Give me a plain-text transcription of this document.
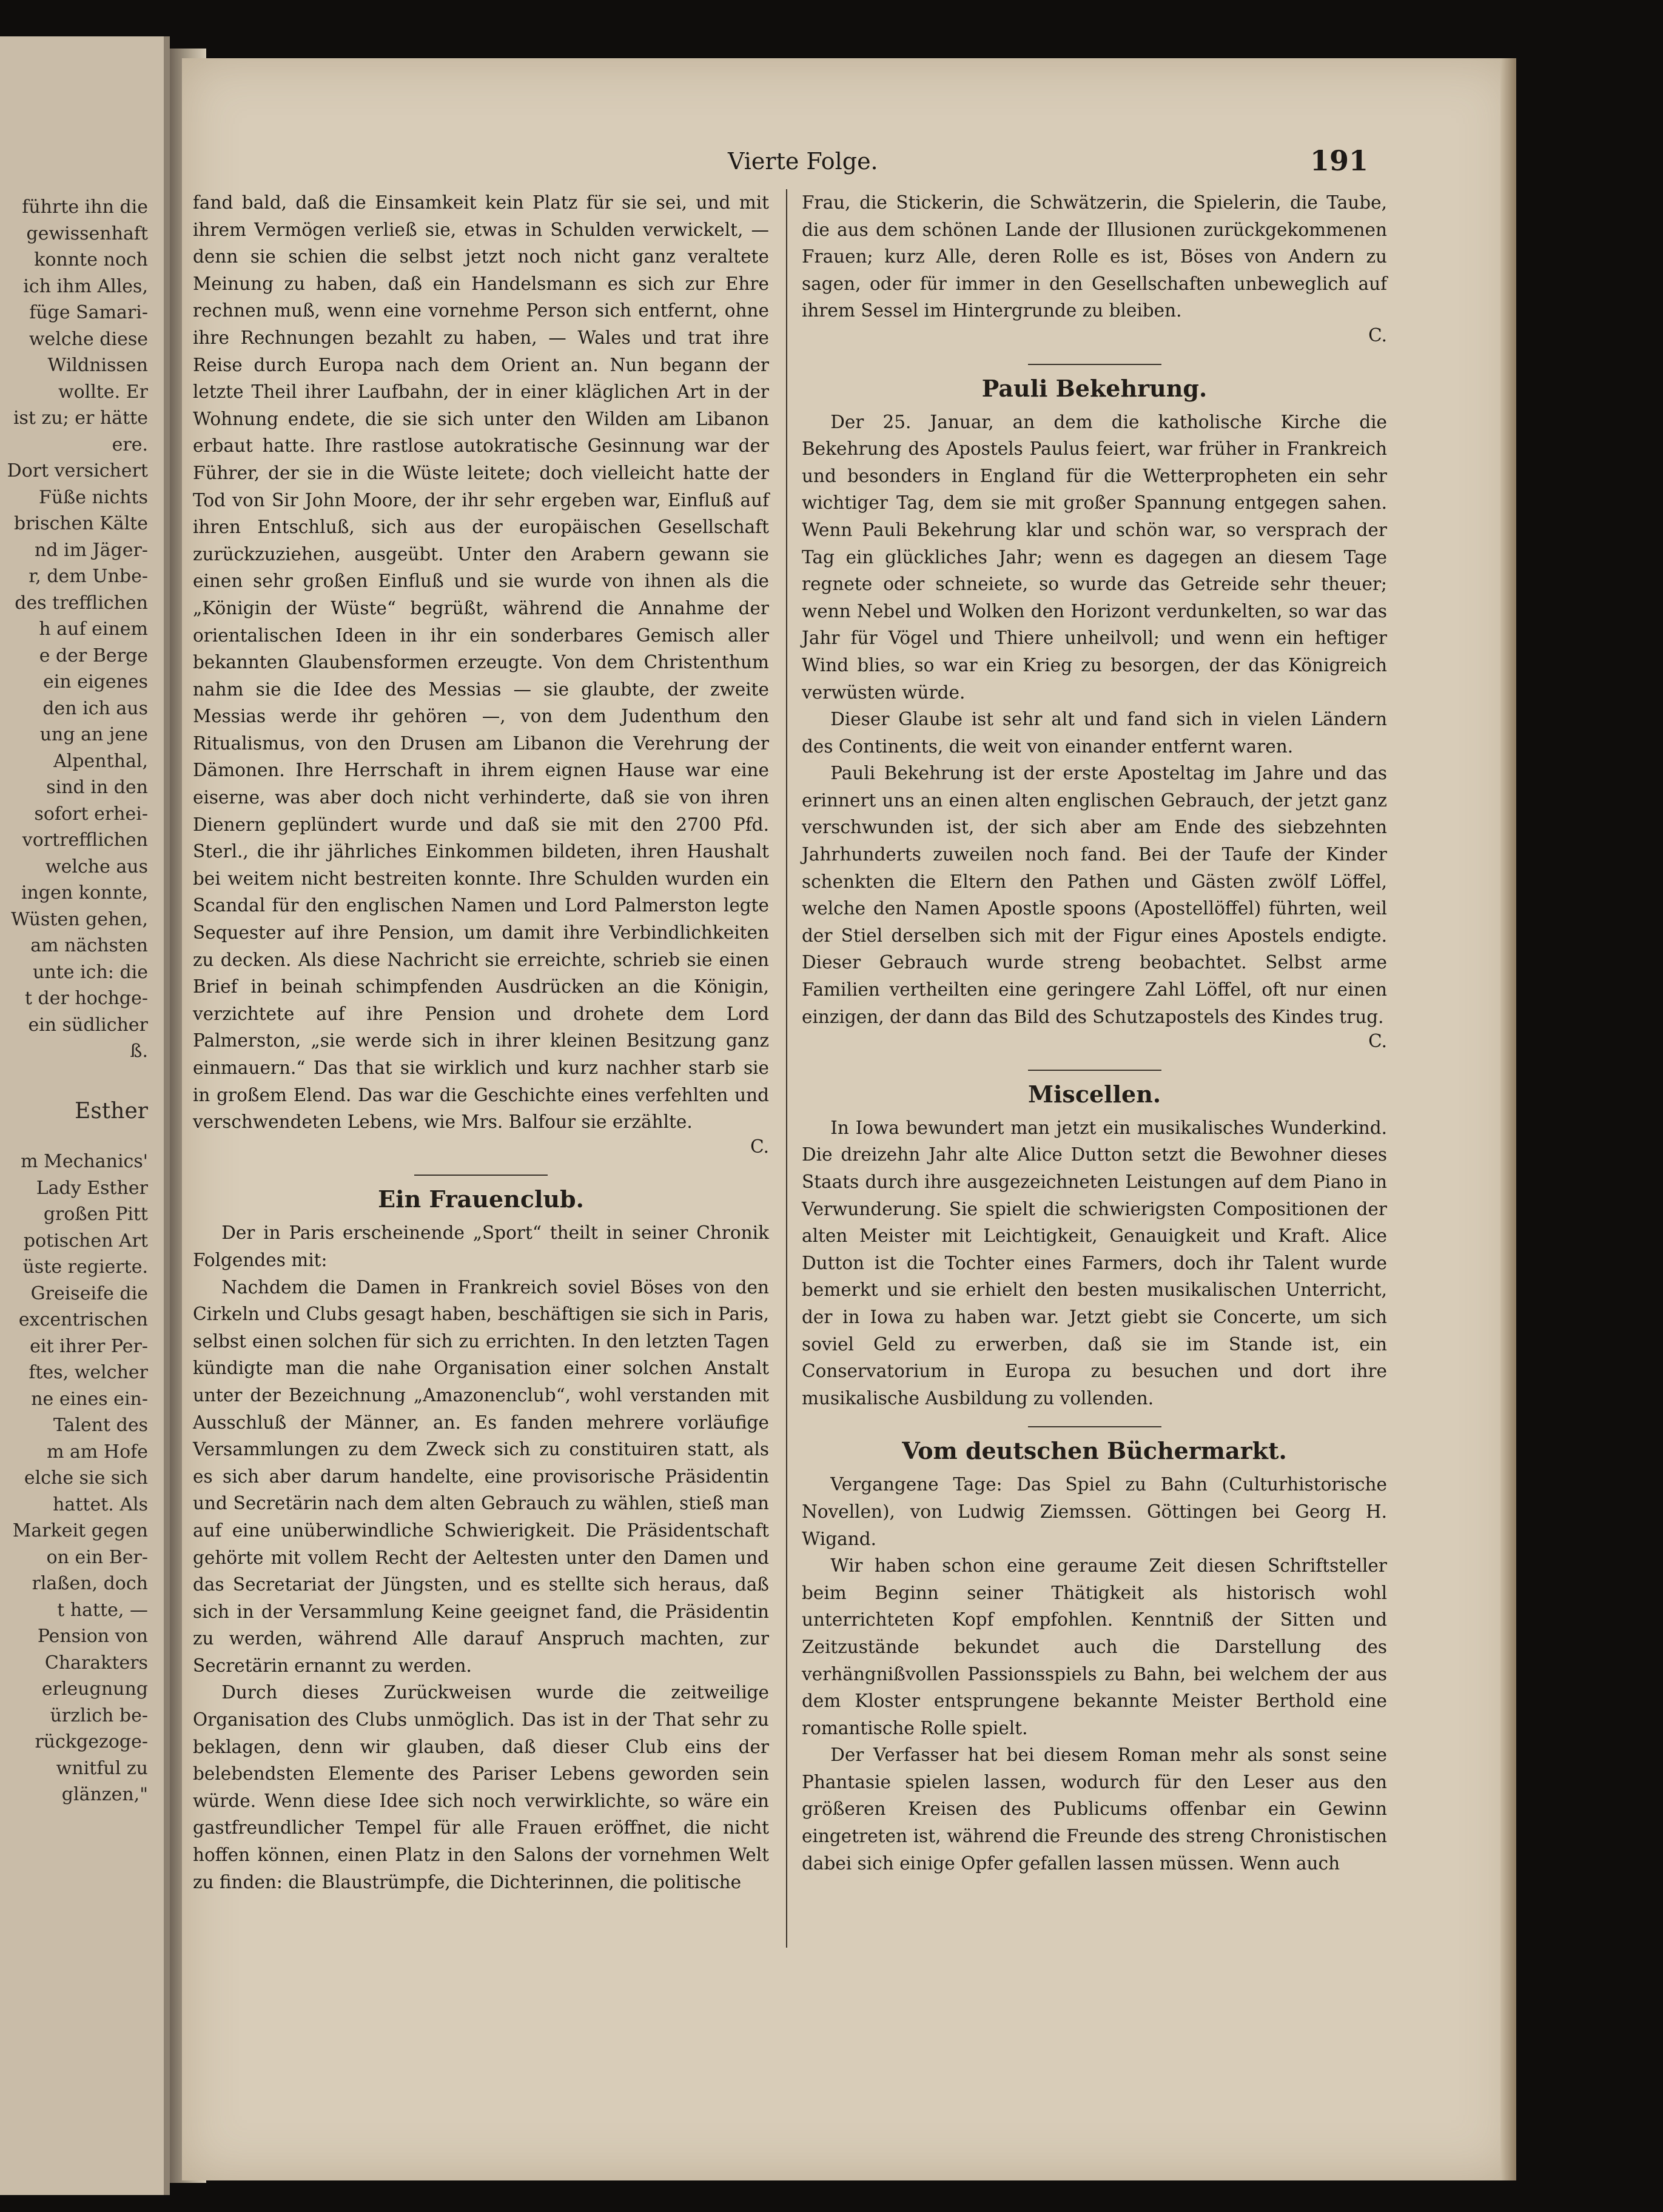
führte ihn die
gewissenhaft
konnte noch
ich ihm Alles,
füge Samari-
welche diese
Wildnissen
wollte. Er
ist zu; er hätte
ere.
Dort versichert
Füße nichts
brischen Kälte
nd im Jäger-
r, dem Unbe-
des trefflichen
h auf einem
e der Berge
ein eigenes
den ich aus
ung an jene
Alpenthal,
sind in den
sofort erhei-
vortrefflichen
welche aus
ingen konnte,
Wüsten gehen,
am nächsten
unte ich: die
t der hochge-
ein südlicher
ß.
Esther
m Mechanics'
Lady Esther
großen Pitt
potischen Art
üste regierte.
Greiseife die
excentrischen
eit ihrer Per-
ftes, welcher
ne eines ein-
Talent des
m am Hofe
elche sie sich
hattet. Als
Markeit gegen
on ein Ber-
rlaßen, doch
t hatte, —
Pension von
Charakters
erleugnung
ürzlich be-
rückgezoge-
wnitful zu
glänzen,"
Vierte Folge.	191

fand bald, daß die Einsamkeit kein Platz für sie sei, und mit ihrem Vermögen verließ sie, etwas in Schulden verwickelt, — denn sie schien die selbst jetzt noch nicht ganz veraltete Meinung zu haben, daß ein Handelsmann es sich zur Ehre rechnen muß, wenn eine vornehme Person sich entfernt, ohne ihre Rechnungen bezahlt zu haben, — Wales und trat ihre Reise durch Europa nach dem Orient an. Nun begann der letzte Theil ihrer Laufbahn, der in einer kläglichen Art in der Wohnung endete, die sie sich unter den Wilden am Libanon erbaut hatte. Ihre rastlose autokratische Gesinnung war der Führer, der sie in die Wüste leitete; doch vielleicht hatte der Tod von Sir John Moore, der ihr sehr ergeben war, Einfluß auf ihren Entschluß, sich aus der europäischen Gesellschaft zurückzuziehen, ausgeübt. Unter den Arabern gewann sie einen sehr großen Einfluß und sie wurde von ihnen als die „Königin der Wüste“ begrüßt, während die Annahme der orientalischen Ideen in ihr ein sonderbares Gemisch aller bekannten Glaubensformen erzeugte. Von dem Christenthum nahm sie die Idee des Messias — sie glaubte, der zweite Messias werde ihr gehören —, von dem Judenthum den Ritualismus, von den Drusen am Libanon die Verehrung der Dämonen. Ihre Herrschaft in ihrem eignen Hause war eine eiserne, was aber doch nicht verhinderte, daß sie von ihren Dienern geplündert wurde und daß sie mit den 2700 Pfd. Sterl., die ihr jährliches Einkommen bildeten, ihren Haushalt bei weitem nicht bestreiten konnte. Ihre Schulden wurden ein Scandal für den englischen Namen und Lord Palmerston legte Sequester auf ihre Pension, um damit ihre Verbindlichkeiten zu decken. Als diese Nachricht sie erreichte, schrieb sie einen Brief in beinah schimpfenden Ausdrücken an die Königin, verzichtete auf ihre Pension und drohete dem Lord Palmerston, „sie werde sich in ihrer kleinen Besitzung ganz einmauern.“ Das that sie wirklich und kurz nachher starb sie in großem Elend. Das war die Geschichte eines verfehlten und verschwendeten Lebens, wie Mrs. Balfour sie erzählte.

C.
Ein Frauenclub.

Der in Paris erscheinende „Sport“ theilt in seiner Chronik Folgendes mit:

Nachdem die Damen in Frankreich soviel Böses von den Cirkeln und Clubs gesagt haben, beschäftigen sie sich in Paris, selbst einen solchen für sich zu errichten. In den letzten Tagen kündigte man die nahe Organisation einer solchen Anstalt unter der Bezeichnung „Amazonenclub“, wohl verstanden mit Ausschluß der Männer, an. Es fanden mehrere vorläufige Versammlungen zu dem Zweck sich zu constituiren statt, als es sich aber darum handelte, eine provisorische Präsidentin und Secretärin nach dem alten Gebrauch zu wählen, stieß man auf eine unüberwindliche Schwierigkeit. Die Präsidentschaft gehörte mit vollem Recht der Aeltesten unter den Damen und das Secretariat der Jüngsten, und es stellte sich heraus, daß sich in der Versammlung Keine geeignet fand, die Präsidentin zu werden, während Alle darauf Anspruch machten, zur Secretärin ernannt zu werden.

Durch dieses Zurückweisen wurde die zeitweilige Organisation des Clubs unmöglich. Das ist in der That sehr zu beklagen, denn wir glauben, daß dieser Club eins der belebendsten Elemente des Pariser Lebens geworden sein würde. Wenn diese Idee sich noch verwirklichte, so wäre ein gastfreundlicher Tempel für alle Frauen eröffnet, die nicht hoffen können, einen Platz in den Salons der vornehmen Welt zu finden: die Blaustrümpfe, die Dichterinnen, die politische

Frau, die Stickerin, die Schwätzerin, die Spielerin, die Taube, die aus dem schönen Lande der Illusionen zurückgekommenen Frauen; kurz Alle, deren Rolle es ist, Böses von Andern zu sagen, oder für immer in den Gesellschaften unbeweglich auf ihrem Sessel im Hintergrunde zu bleiben.

C.
Pauli Bekehrung.

Der 25. Januar, an dem die katholische Kirche die Bekehrung des Apostels Paulus feiert, war früher in Frankreich und besonders in England für die Wetterpropheten ein sehr wichtiger Tag, dem sie mit großer Spannung entgegen sahen. Wenn Pauli Bekehrung klar und schön war, so versprach der Tag ein glückliches Jahr; wenn es dagegen an diesem Tage regnete oder schneiete, so wurde das Getreide sehr theuer; wenn Nebel und Wolken den Horizont verdunkelten, so war das Jahr für Vögel und Thiere unheilvoll; und wenn ein heftiger Wind blies, so war ein Krieg zu besorgen, der das Königreich verwüsten würde.

Dieser Glaube ist sehr alt und fand sich in vielen Ländern des Continents, die weit von einander entfernt waren.

Pauli Bekehrung ist der erste Aposteltag im Jahre und das erinnert uns an einen alten englischen Gebrauch, der jetzt ganz verschwunden ist, der sich aber am Ende des siebzehnten Jahrhunderts zuweilen noch fand. Bei der Taufe der Kinder schenkten die Eltern den Pathen und Gästen zwölf Löffel, welche den Namen Apostle spoons (Apostellöffel) führten, weil der Stiel derselben sich mit der Figur eines Apostels endigte. Dieser Gebrauch wurde streng beobachtet. Selbst arme Familien vertheilten eine geringere Zahl Löffel, oft nur einen einzigen, der dann das Bild des Schutzapostels des Kindes trug.

C.
Miscellen.

In Iowa bewundert man jetzt ein musikalisches Wunderkind. Die dreizehn Jahr alte Alice Dutton setzt die Bewohner dieses Staats durch ihre ausgezeichneten Leistungen auf dem Piano in Verwunderung. Sie spielt die schwierigsten Compositionen der alten Meister mit Leichtigkeit, Genauigkeit und Kraft. Alice Dutton ist die Tochter eines Farmers, doch ihr Talent wurde bemerkt und sie erhielt den besten musikalischen Unterricht, der in Iowa zu haben war. Jetzt giebt sie Concerte, um sich soviel Geld zu erwerben, daß sie im Stande ist, ein Conservatorium in Europa zu besuchen und dort ihre musikalische Ausbildung zu vollenden.

Vom deutschen Büchermarkt.

Vergangene Tage: Das Spiel zu Bahn (Culturhistorische Novellen), von Ludwig Ziemssen. Göttingen bei Georg H. Wigand.

Wir haben schon eine geraume Zeit diesen Schriftsteller beim Beginn seiner Thätigkeit als historisch wohl unterrichteten Kopf empfohlen. Kenntniß der Sitten und Zeitzustände bekundet auch die Darstellung des verhängnißvollen Passionsspiels zu Bahn, bei welchem der aus dem Kloster entsprungene bekannte Meister Berthold eine romantische Rolle spielt.

Der Verfasser hat bei diesem Roman mehr als sonst seine Phantasie spielen lassen, wodurch für den Leser aus den größeren Kreisen des Publicums offenbar ein Gewinn eingetreten ist, während die Freunde des streng Chronistischen dabei sich einige Opfer gefallen lassen müssen. Wenn auch
